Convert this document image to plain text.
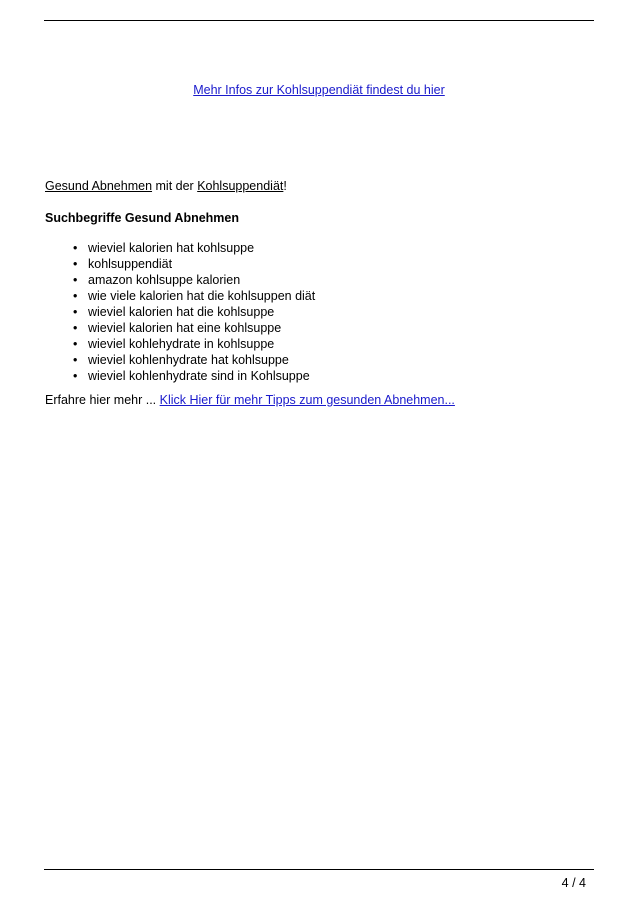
Mehr Infos zur Kohlsuppendiät findest du hier

Gesund Abnehmen mit der Kohlsuppendiät!

Suchbegriffe Gesund Abnehmen

• wieviel kalorien hat kohlsuppe
• kohlsuppendiät
• amazon kohlsuppe kalorien
• wie viele kalorien hat die kohlsuppen diät
• wieviel kalorien hat die kohlsuppe
• wieviel kalorien hat eine kohlsuppe
• wieviel kohlehydrate in kohlsuppe
• wieviel kohlenhydrate hat kohlsuppe
• wieviel kohlenhydrate sind in Kohlsuppe

Erfahre hier mehr ... Klick Hier für mehr Tipps zum gesunden Abnehmen...

4 / 4
